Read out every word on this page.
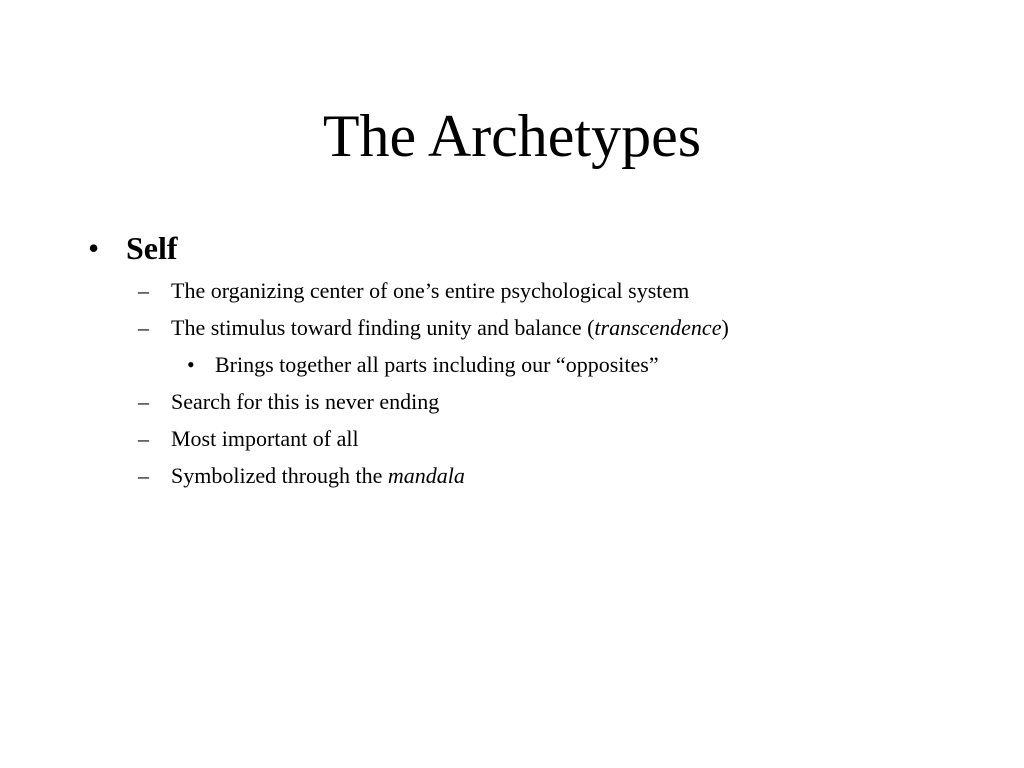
The Archetypes
• Self
–	The organizing center of one’s entire psychological system
–	The stimulus toward finding unity and balance (transcendence)
• Brings together all parts including our “opposites”
–	Search for this is never ending
–	Most important of all
–	Symbolized through the mandala
